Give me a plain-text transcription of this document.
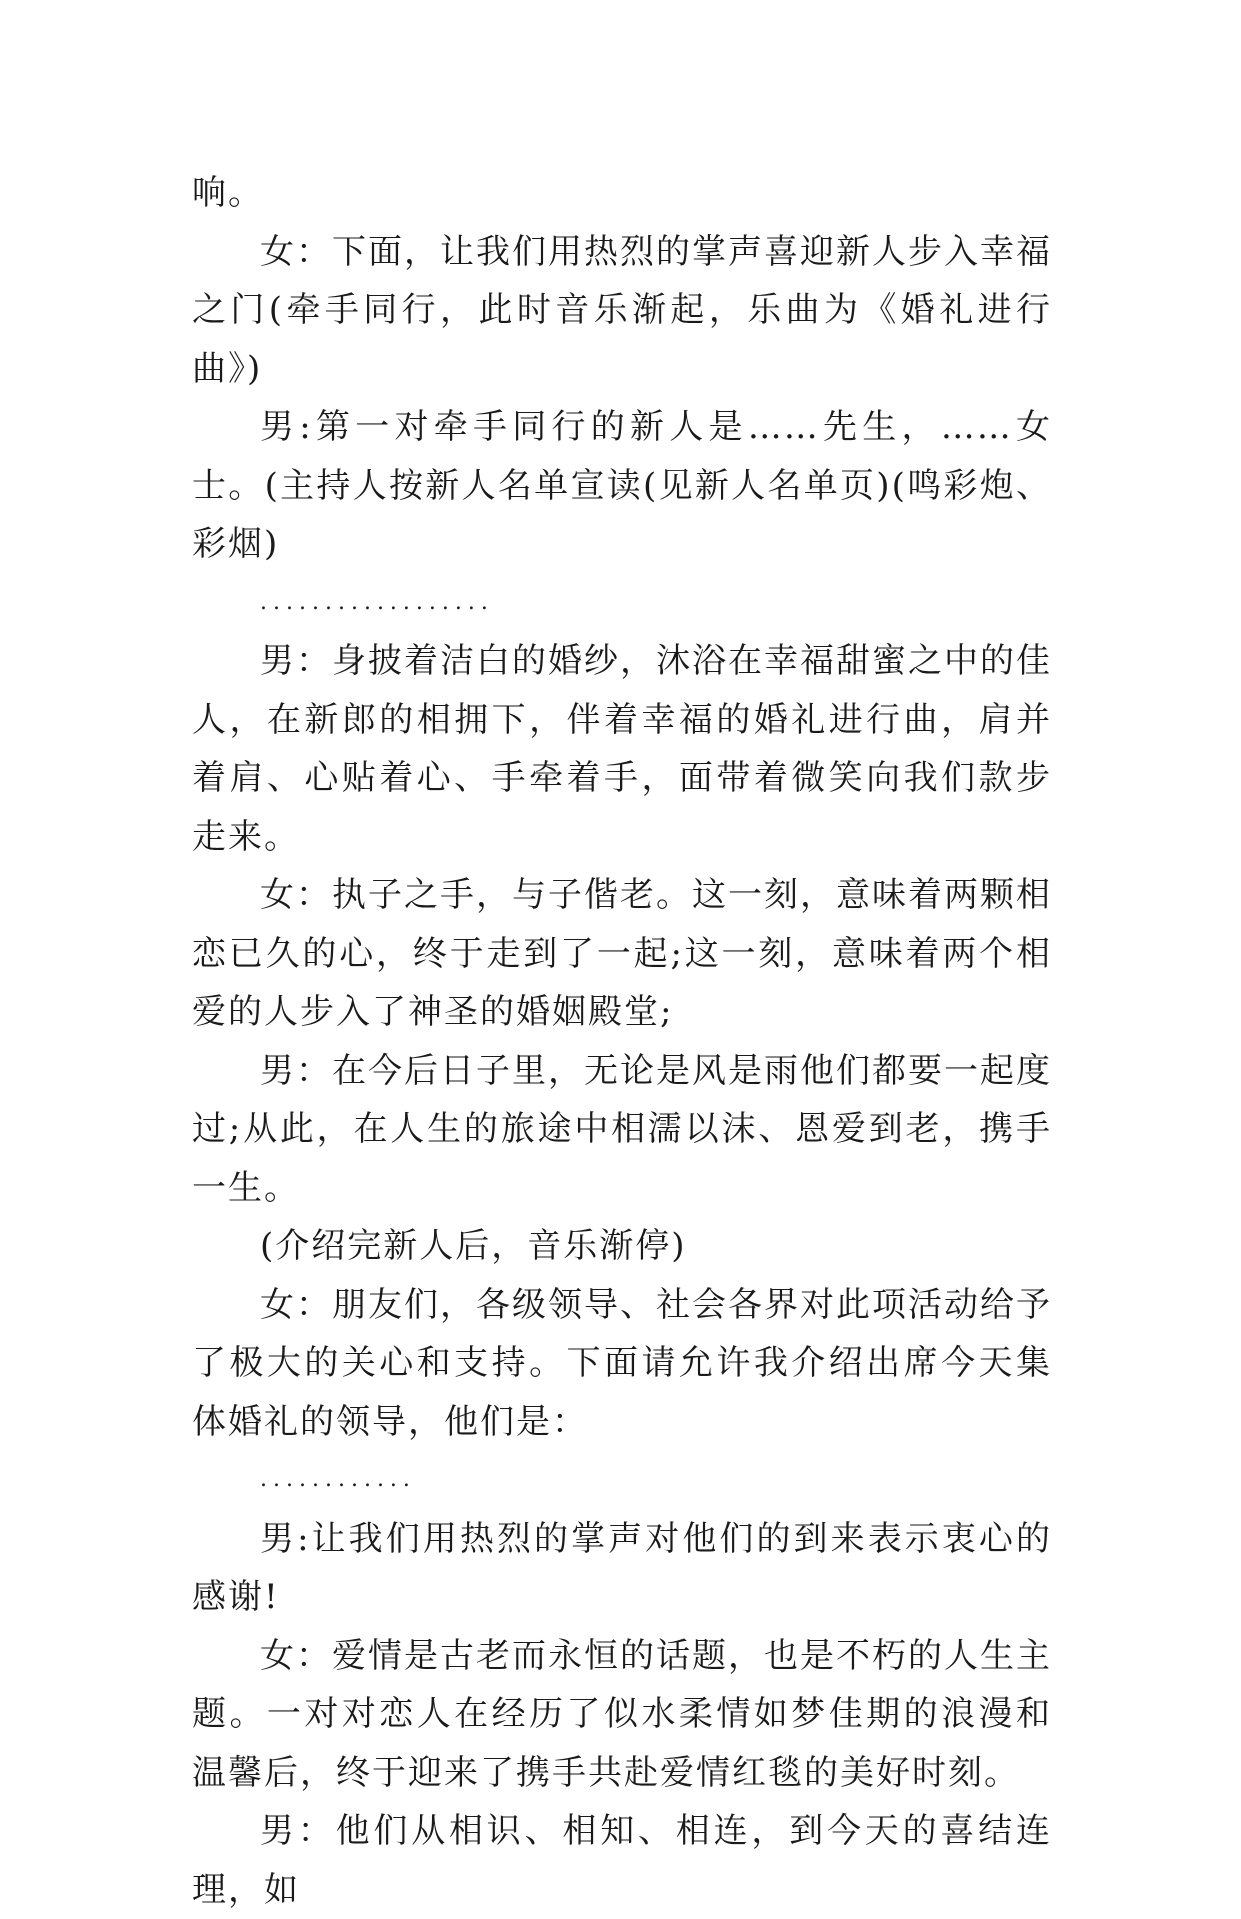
响。

女：下面，让我们用热烈的掌声喜迎新人步入幸福之门(牵手同行，此时音乐渐起，乐曲为《婚礼进行曲》)

男:第一对牵手同行的新人是……先生，……女士。(主持人按新人名单宣读(见新人名单页)(鸣彩炮、彩烟)

..................

男：身披着洁白的婚纱，沐浴在幸福甜蜜之中的佳人，在新郎的相拥下，伴着幸福的婚礼进行曲，肩并着肩、心贴着心、手牵着手，面带着微笑向我们款步走来。

女：执子之手，与子偕老。这一刻，意味着两颗相恋已久的心，终于走到了一起;这一刻，意味着两个相爱的人步入了神圣的婚姻殿堂;

男：在今后日子里，无论是风是雨他们都要一起度过;从此，在人生的旅途中相濡以沫、恩爱到老，携手一生。

(介绍完新人后，音乐渐停)

女：朋友们，各级领导、社会各界对此项活动给予了极大的关心和支持。下面请允许我介绍出席今天集体婚礼的领导，他们是：

............

男:让我们用热烈的掌声对他们的到来表示衷心的感谢!

女：爱情是古老而永恒的话题，也是不朽的人生主题。一对对恋人在经历了似水柔情如梦佳期的浪漫和温馨后，终于迎来了携手共赴爱情红毯的美好时刻。

男：他们从相识、相知、相连，到今天的喜结连理，如
